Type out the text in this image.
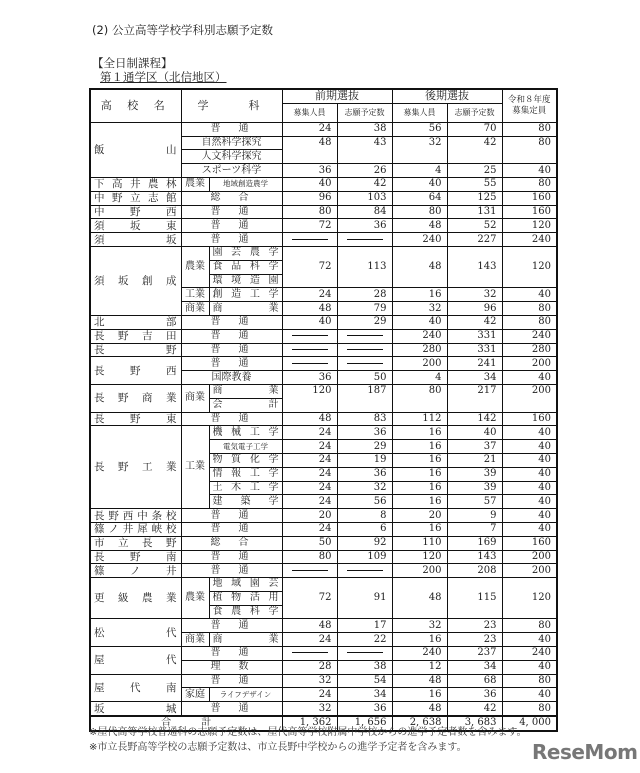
(2) 公立高等学校学科別志願予定数
【全日制課程】
第１通学区（北信地区）
高 校 名	学　　科		前期選抜		後期選抜		令和８年度募集定員
			募集人員	志願予定数	募集人員	志願予定数	
飯山	普　通		24	38	56	70	80
	自然科学探究		48	43	32	42	80
	人文科学探究						
	スポーツ科学		36	26	4	25	40
下高井農林	農業	地域創造農学	40	42	40	55	80
中野立志館	総　合		96	103	64	125	160
中野西	普　通		80	84	80	131	160
須坂東	普　通		72	36	48	52	120
須坂	普　通				240	227	240
須坂創成	農業	園芸農学	72	113	48	143	120
		食品科学					
		環境造園					
	工業	創造工学	24	28	16	32	40
	商業	商　業	48	79	32	96	80
北部	普　通		40	29	40	42	80
長野吉田	普　通				240	331	240
長野	普　通				280	331	280
長野西	普　通				200	241	200
	国際教養		36	50	4	34	40
長野商業	商業	商　業	120	187	80	217	200
		会　計					
長野東	普　通		48	83	112	142	160
長野工業	工業	機械工学	24	36	16	40	40
		電気電子工学	24	29	16	37	40
		物質化学	24	19	16	21	40
		情報工学	24	36	16	39	40
		土木工学	24	32	16	39	40
		建築学	24	56	16	57	40
長野西中条校	普　通		20	8	20	9	40
篠ノ井犀峡校	普　通		24	6	16	7	40
市立長野	総　合		50	92	110	169	160
長野南	普　通		80	109	120	143	200
篠ノ井	普　通				200	208	200
更級農業	農業	地域園芸	72	91	48	115	120
		植物活用					
		食農科学					
松代	普　通		48	17	32	23	80
	商業	商　業	24	22	16	23	40
屋代	普　通				240	237	240
	理　数		28	38	12	34	40
屋代南	普　通		32	54	48	68	80
	家庭	ライフデザイン	24	34	16	36	40
坂城	普　通		32	36	48	42	80
合　　　計			1, 362	1, 656	2, 638	3, 683	4, 000
※屋代高等学校普通科の志願予定数は、屋代高等学校附属中学校からの進学予定者数を含みます。
※市立長野高等学校の志願予定数は、市立長野中学校からの進学予定者を含みます。	ReseMom
